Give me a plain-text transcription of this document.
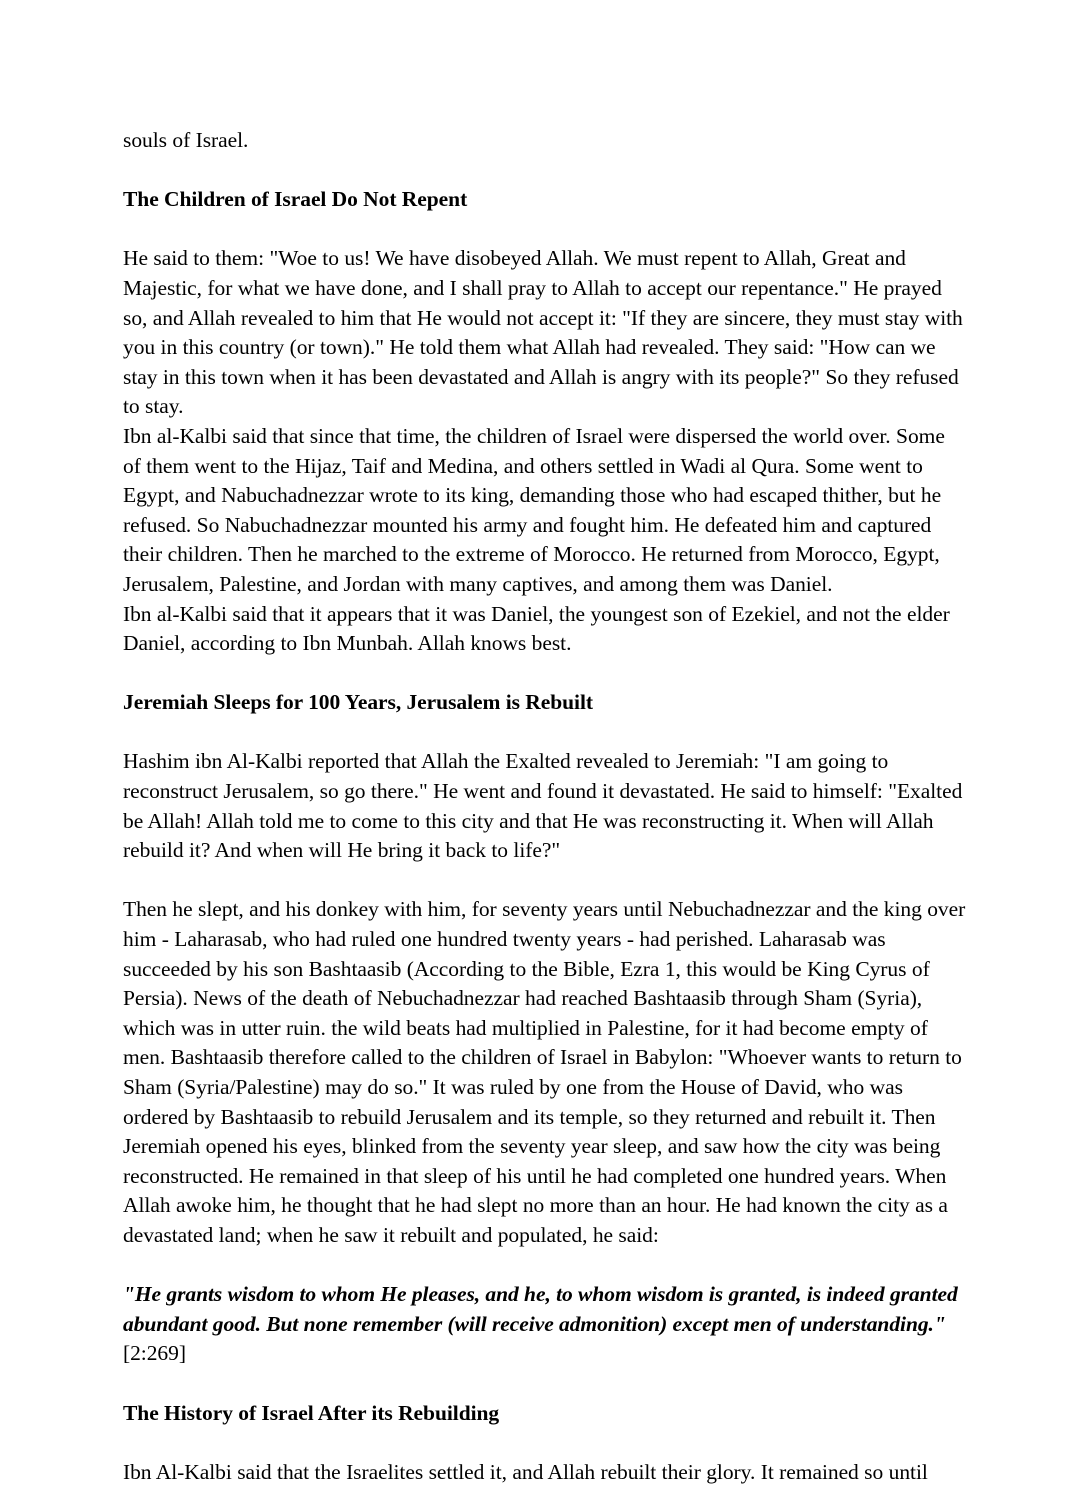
souls of Israel.

The Children of Israel Do Not Repent

He said to them: "Woe to us! We have disobeyed Allah. We must repent to Allah, Great and Majestic, for what we have done, and I shall pray to Allah to accept our repentance." He prayed so, and Allah revealed to him that He would not accept it: "If they are sincere, they must stay with you in this country (or town)." He told them what Allah had revealed. They said: "How can we stay in this town when it has been devastated and Allah is angry with its people?" So they refused to stay.

Ibn al-Kalbi said that since that time, the children of Israel were dispersed the world over. Some of them went to the Hijaz, Taif and Medina, and others settled in Wadi al Qura. Some went to Egypt, and Nabuchadnezzar wrote to its king, demanding those who had escaped thither, but he refused. So Nabuchadnezzar mounted his army and fought him. He defeated him and captured their children. Then he marched to the extreme of Morocco. He returned from Morocco, Egypt, Jerusalem, Palestine, and Jordan with many captives, and among them was Daniel.

Ibn al-Kalbi said that it appears that it was Daniel, the youngest son of Ezekiel, and not the elder Daniel, according to Ibn Munbah. Allah knows best.

Jeremiah Sleeps for 100 Years, Jerusalem is Rebuilt

Hashim ibn Al-Kalbi reported that Allah the Exalted revealed to Jeremiah: "I am going to reconstruct Jerusalem, so go there." He went and found it devastated. He said to himself: "Exalted be Allah! Allah told me to come to this city and that He was reconstructing it. When will Allah rebuild it? And when will He bring it back to life?"

Then he slept, and his donkey with him, for seventy years until Nebuchadnezzar and the king over him - Laharasab, who had ruled one hundred twenty years - had perished. Laharasab was succeeded by his son Bashtaasib (According to the Bible, Ezra 1, this would be King Cyrus of Persia). News of the death of Nebuchadnezzar had reached Bashtaasib through Sham (Syria), which was in utter ruin. the wild beats had multiplied in Palestine, for it had become empty of men. Bashtaasib therefore called to the children of Israel in Babylon: "Whoever wants to return to Sham (Syria/Palestine) may do so." It was ruled by one from the House of David, who was ordered by Bashtaasib to rebuild Jerusalem and its temple, so they returned and rebuilt it. Then Jeremiah opened his eyes, blinked from the seventy year sleep, and saw how the city was being reconstructed. He remained in that sleep of his until he had completed one hundred years. When Allah awoke him, he thought that he had slept no more than an hour. He had known the city as a devastated land; when he saw it rebuilt and populated, he said:

"He grants wisdom to whom He pleases, and he, to whom wisdom is granted, is indeed granted abundant good. But none remember (will receive admonition) except men of understanding." [2:269]

The History of Israel After its Rebuilding

Ibn Al-Kalbi said that the Israelites settled it, and Allah rebuilt their glory. It remained so until
